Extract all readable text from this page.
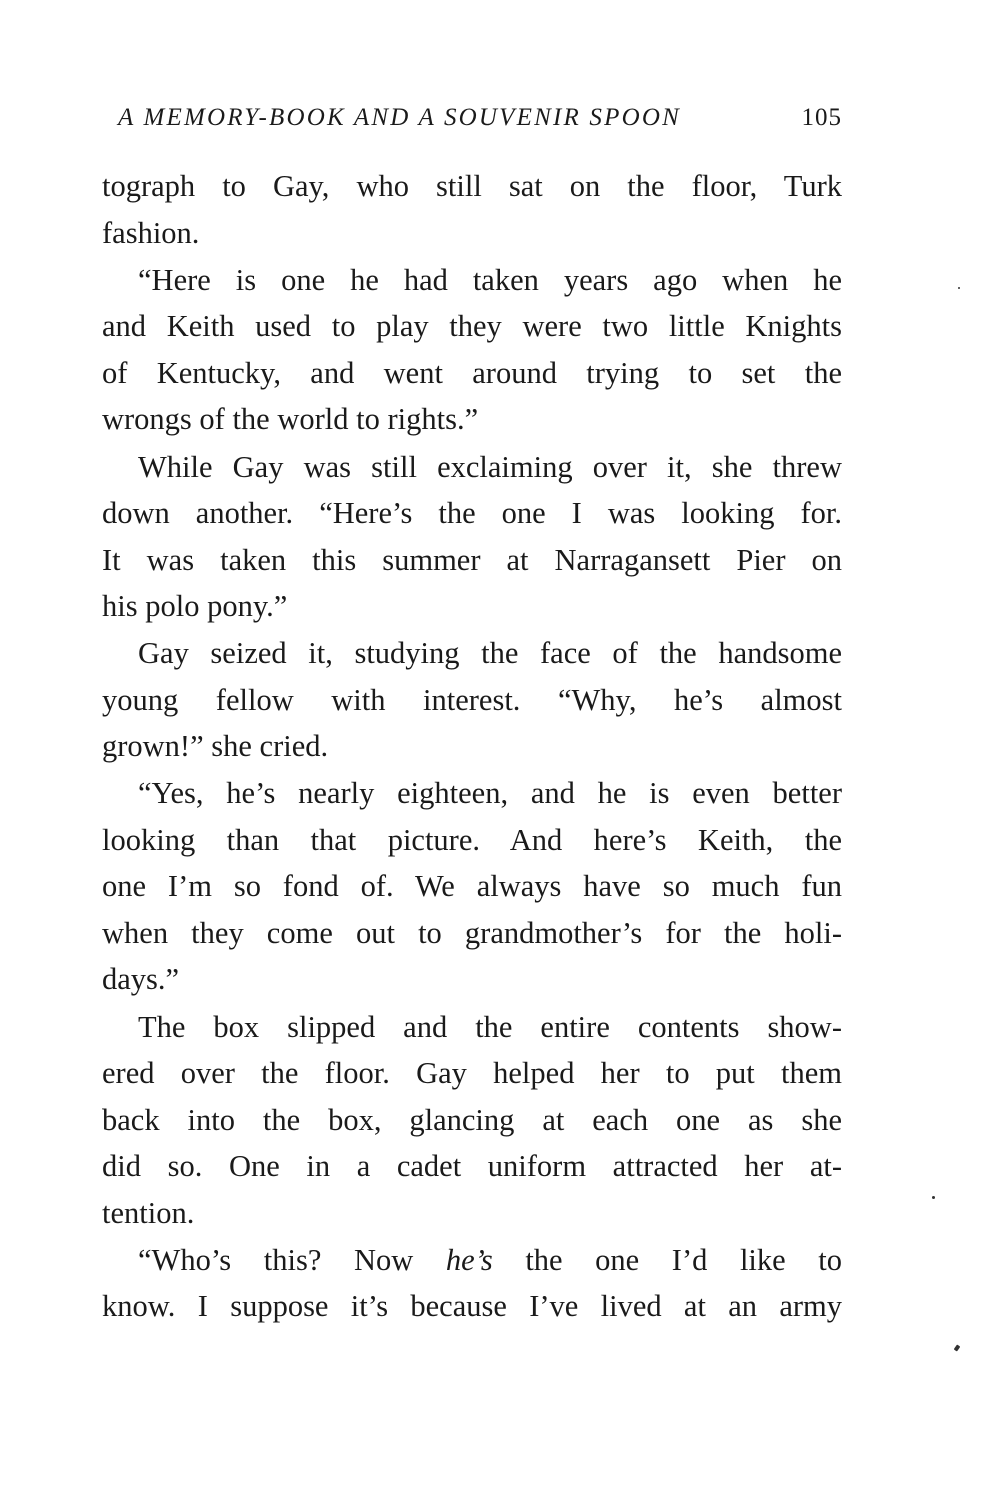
A MEMORY-BOOK AND A SOUVENIR SPOON	105
tograph to Gay, who still sat on the floor, Turk
fashion.
“Here is one he had taken years ago when he
and Keith used to play they were two little Knights
of Kentucky, and went around trying to set the
wrongs of the world to rights.”
While Gay was still exclaiming over it, she threw
down another. “Here’s the one I was looking for.
It was taken this summer at Narragansett Pier on
his polo pony.”
Gay seized it, studying the face of the handsome
young fellow with interest. “Why, he’s almost
grown!” she cried.
“Yes, he’s nearly eighteen, and he is even better
looking than that picture. And here’s Keith, the
one I’m so fond of. We always have so much fun
when they come out to grandmother’s for the holi-
days.”
The box slipped and the entire contents show-
ered over the floor. Gay helped her to put them
back into the box, glancing at each one as she
did so. One in a cadet uniform attracted her at-
tention.
“Who’s this? Now he’s the one I’d like to
know. I suppose it’s because I’ve lived at an army
